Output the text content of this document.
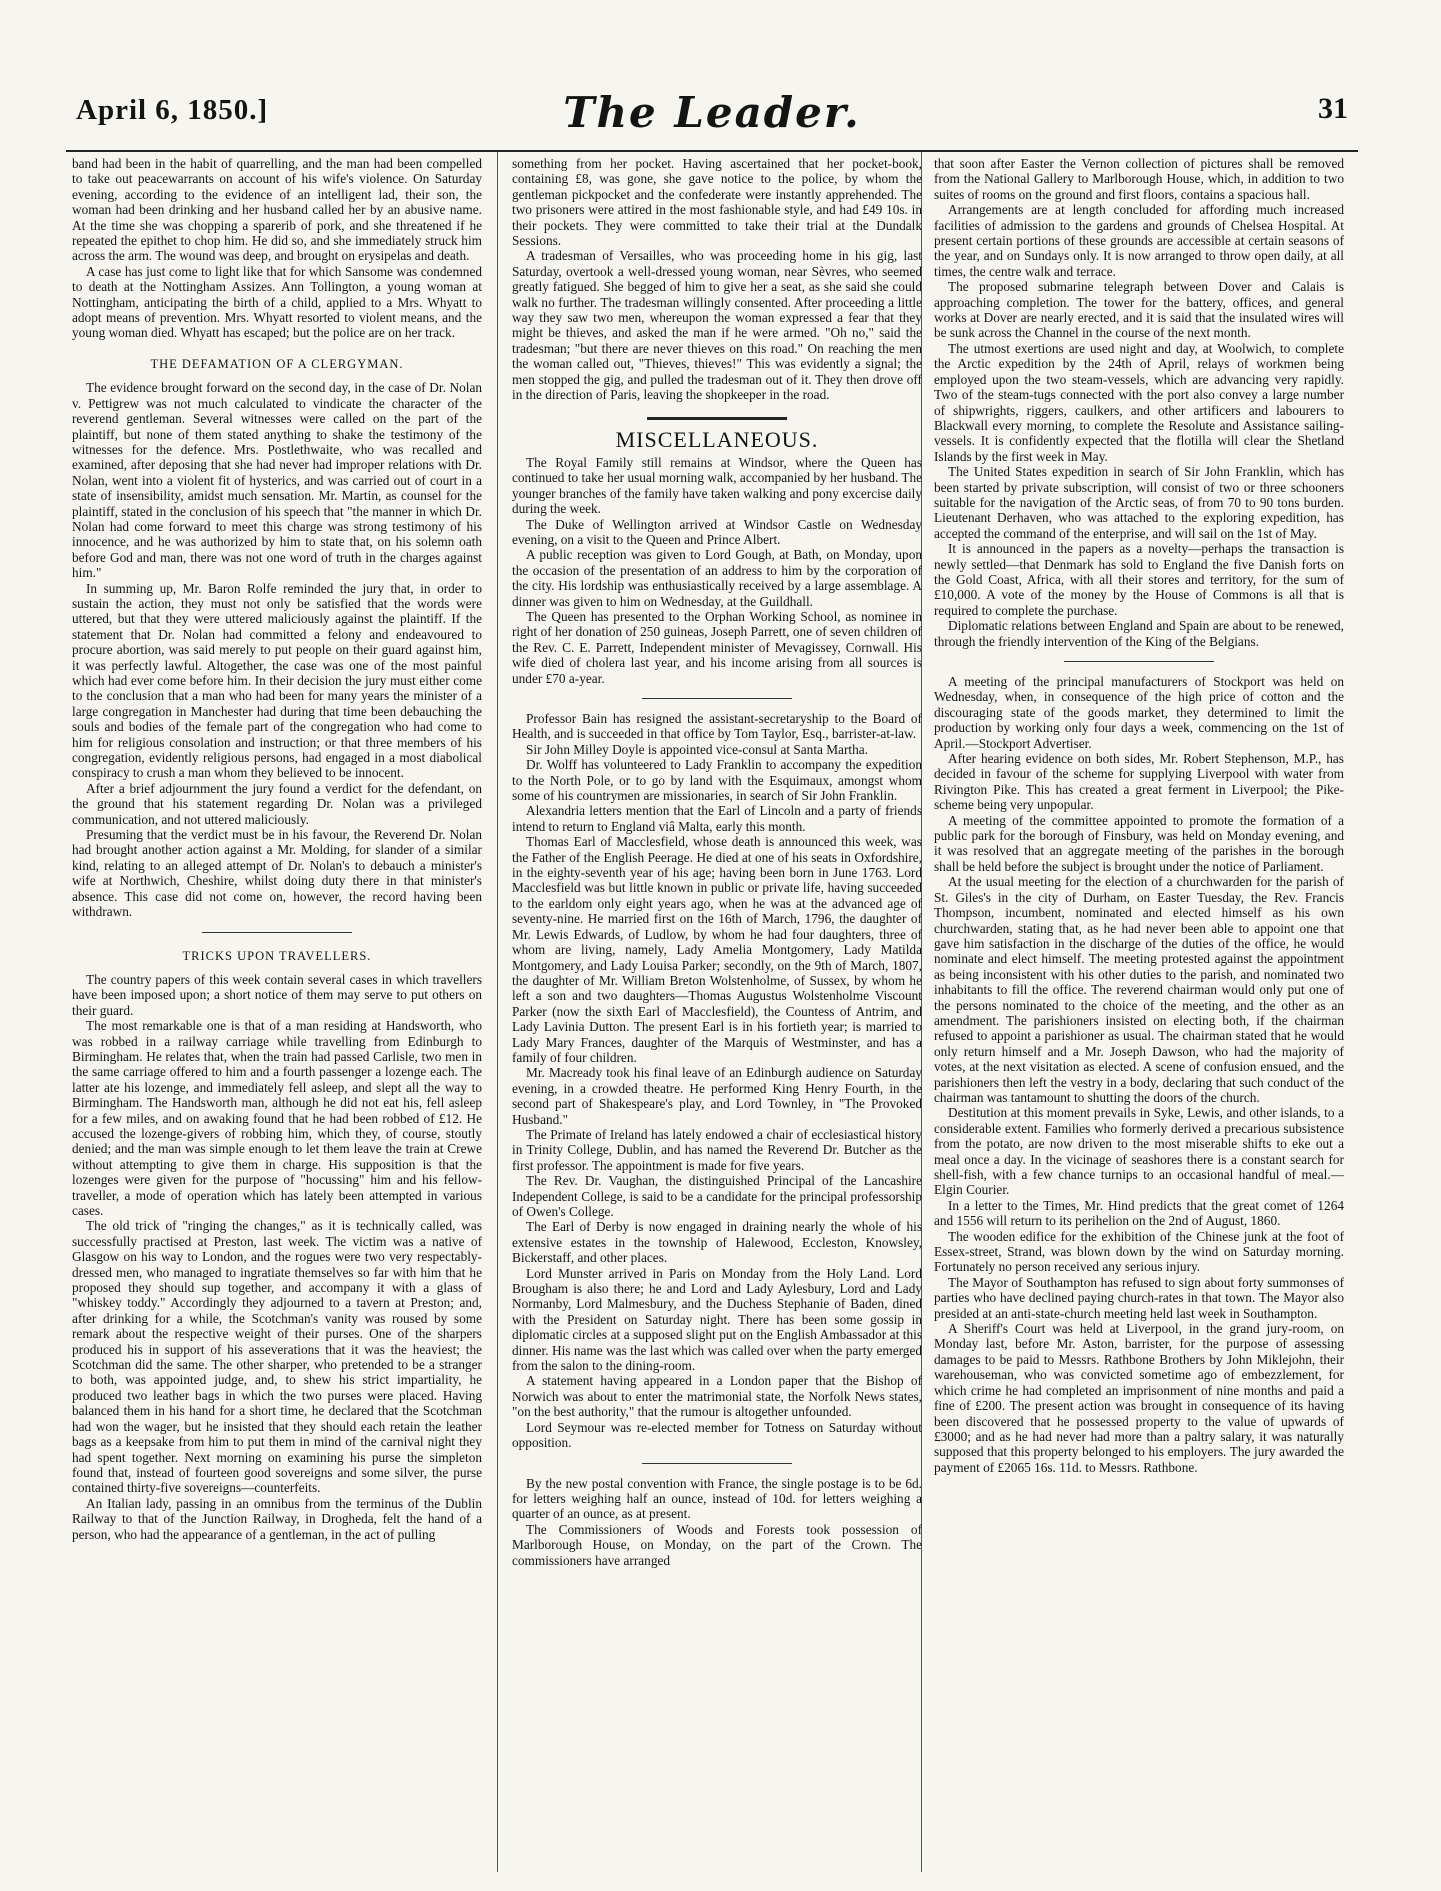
April 6, 1850.]	The Leader.	31

band had been in the habit of quarrelling, and the man had been compelled to take out peacewarrants on account of his wife's violence. On Saturday evening, according to the evidence of an intelligent lad, their son, the woman had been drinking and her husband called her by an abusive name. At the time she was chopping a sparerib of pork, and she threatened if he repeated the epithet to chop him. He did so, and she immediately struck him across the arm. The wound was deep, and brought on erysipelas and death.

A case has just come to light like that for which Sansome was condemned to death at the Nottingham Assizes. Ann Tollington, a young woman at Nottingham, anticipating the birth of a child, applied to a Mrs. Whyatt to adopt means of prevention. Mrs. Whyatt resorted to violent means, and the young woman died. Whyatt has escaped; but the police are on her track.

THE DEFAMATION OF A CLERGYMAN.

The evidence brought forward on the second day, in the case of Dr. Nolan v. Pettigrew was not much calculated to vindicate the character of the reverend gentleman. Several witnesses were called on the part of the plaintiff, but none of them stated anything to shake the testimony of the witnesses for the defence. Mrs. Postlethwaite, who was recalled and examined, after deposing that she had never had improper relations with Dr. Nolan, went into a violent fit of hysterics, and was carried out of court in a state of insensibility, amidst much sensation. Mr. Martin, as counsel for the plaintiff, stated in the conclusion of his speech that "the manner in which Dr. Nolan had come forward to meet this charge was strong testimony of his innocence, and he was authorized by him to state that, on his solemn oath before God and man, there was not one word of truth in the charges against him."

In summing up, Mr. Baron Rolfe reminded the jury that, in order to sustain the action, they must not only be satisfied that the words were uttered, but that they were uttered maliciously against the plaintiff. If the statement that Dr. Nolan had committed a felony and endeavoured to procure abortion, was said merely to put people on their guard against him, it was perfectly lawful. Altogether, the case was one of the most painful which had ever come before him. In their decision the jury must either come to the conclusion that a man who had been for many years the minister of a large congregation in Manchester had during that time been debauching the souls and bodies of the female part of the congregation who had come to him for religious consolation and instruction; or that three members of his congregation, evidently religious persons, had engaged in a most diabolical conspiracy to crush a man whom they believed to be innocent.

After a brief adjournment the jury found a verdict for the defendant, on the ground that his statement regarding Dr. Nolan was a privileged communication, and not uttered maliciously.

Presuming that the verdict must be in his favour, the Reverend Dr. Nolan had brought another action against a Mr. Molding, for slander of a similar kind, relating to an alleged attempt of Dr. Nolan's to debauch a minister's wife at Northwich, Cheshire, whilst doing duty there in that minister's absence. This case did not come on, however, the record having been withdrawn.

TRICKS UPON TRAVELLERS.

The country papers of this week contain several cases in which travellers have been imposed upon; a short notice of them may serve to put others on their guard.

The most remarkable one is that of a man residing at Handsworth, who was robbed in a railway carriage while travelling from Edinburgh to Birmingham. He relates that, when the train had passed Carlisle, two men in the same carriage offered to him and a fourth passenger a lozenge each. The latter ate his lozenge, and immediately fell asleep, and slept all the way to Birmingham. The Handsworth man, although he did not eat his, fell asleep for a few miles, and on awaking found that he had been robbed of £12. He accused the lozenge-givers of robbing him, which they, of course, stoutly denied; and the man was simple enough to let them leave the train at Crewe without attempting to give them in charge. His supposition is that the lozenges were given for the purpose of "hocussing" him and his fellow-traveller, a mode of operation which has lately been attempted in various cases.

The old trick of "ringing the changes," as it is technically called, was successfully practised at Preston, last week. The victim was a native of Glasgow on his way to London, and the rogues were two very respectably-dressed men, who managed to ingratiate themselves so far with him that he proposed they should sup together, and accompany it with a glass of "whiskey toddy." Accordingly they adjourned to a tavern at Preston; and, after drinking for a while, the Scotchman's vanity was roused by some remark about the respective weight of their purses. One of the sharpers produced his in support of his asseverations that it was the heaviest; the Scotchman did the same. The other sharper, who pretended to be a stranger to both, was appointed judge, and, to shew his strict impartiality, he produced two leather bags in which the two purses were placed. Having balanced them in his hand for a short time, he declared that the Scotchman had won the wager, but he insisted that they should each retain the leather bags as a keepsake from him to put them in mind of the carnival night they had spent together. Next morning on examining his purse the simpleton found that, instead of fourteen good sovereigns and some silver, the purse contained thirty-five sovereigns—counterfeits.

An Italian lady, passing in an omnibus from the terminus of the Dublin Railway to that of the Junction Railway, in Drogheda, felt the hand of a person, who had the appearance of a gentleman, in the act of pulling

something from her pocket. Having ascertained that her pocket-book, containing £8, was gone, she gave notice to the police, by whom the gentleman pickpocket and the confederate were instantly apprehended. The two prisoners were attired in the most fashionable style, and had £49 10s. in their pockets. They were committed to take their trial at the Dundalk Sessions.

A tradesman of Versailles, who was proceeding home in his gig, last Saturday, overtook a well-dressed young woman, near Sèvres, who seemed greatly fatigued. She begged of him to give her a seat, as she said she could walk no further. The tradesman willingly consented. After proceeding a little way they saw two men, whereupon the woman expressed a fear that they might be thieves, and asked the man if he were armed. "Oh no," said the tradesman; "but there are never thieves on this road." On reaching the men the woman called out, "Thieves, thieves!" This was evidently a signal; the men stopped the gig, and pulled the tradesman out of it. They then drove off in the direction of Paris, leaving the shopkeeper in the road.

MISCELLANEOUS.

The Royal Family still remains at Windsor, where the Queen has continued to take her usual morning walk, accompanied by her husband. The younger branches of the family have taken walking and pony excercise daily during the week.

The Duke of Wellington arrived at Windsor Castle on Wednesday evening, on a visit to the Queen and Prince Albert.

A public reception was given to Lord Gough, at Bath, on Monday, upon the occasion of the presentation of an address to him by the corporation of the city. His lordship was enthusiastically received by a large assemblage. A dinner was given to him on Wednesday, at the Guildhall.

The Queen has presented to the Orphan Working School, as nominee in right of her donation of 250 guineas, Joseph Parrett, one of seven children of the Rev. C. E. Parrett, Independent minister of Mevagissey, Cornwall. His wife died of cholera last year, and his income arising from all sources is under £70 a-year.

Professor Bain has resigned the assistant-secretaryship to the Board of Health, and is succeeded in that office by Tom Taylor, Esq., barrister-at-law.

Sir John Milley Doyle is appointed vice-consul at Santa Martha.

Dr. Wolff has volunteered to Lady Franklin to accompany the expedition to the North Pole, or to go by land with the Esquimaux, amongst whom some of his countrymen are missionaries, in search of Sir John Franklin.

Alexandria letters mention that the Earl of Lincoln and a party of friends intend to return to England viâ Malta, early this month.

Thomas Earl of Macclesfield, whose death is announced this week, was the Father of the English Peerage. He died at one of his seats in Oxfordshire, in the eighty-seventh year of his age; having been born in June 1763. Lord Macclesfield was but little known in public or private life, having succeeded to the earldom only eight years ago, when he was at the advanced age of seventy-nine. He married first on the 16th of March, 1796, the daughter of Mr. Lewis Edwards, of Ludlow, by whom he had four daughters, three of whom are living, namely, Lady Amelia Montgomery, Lady Matilda Montgomery, and Lady Louisa Parker; secondly, on the 9th of March, 1807, the daughter of Mr. William Breton Wolstenholme, of Sussex, by whom he left a son and two daughters—Thomas Augustus Wolstenholme Viscount Parker (now the sixth Earl of Macclesfield), the Countess of Antrim, and Lady Lavinia Dutton. The present Earl is in his fortieth year; is married to Lady Mary Frances, daughter of the Marquis of Westminster, and has a family of four children.

Mr. Macready took his final leave of an Edinburgh audience on Saturday evening, in a crowded theatre. He performed King Henry Fourth, in the second part of Shakespeare's play, and Lord Townley, in "The Provoked Husband."

The Primate of Ireland has lately endowed a chair of ecclesiastical history in Trinity College, Dublin, and has named the Reverend Dr. Butcher as the first professor. The appointment is made for five years.

The Rev. Dr. Vaughan, the distinguished Principal of the Lancashire Independent College, is said to be a candidate for the principal professorship of Owen's College.

The Earl of Derby is now engaged in draining nearly the whole of his extensive estates in the township of Halewood, Eccleston, Knowsley, Bickerstaff, and other places.

Lord Munster arrived in Paris on Monday from the Holy Land. Lord Brougham is also there; he and Lord and Lady Aylesbury, Lord and Lady Normanby, Lord Malmesbury, and the Duchess Stephanie of Baden, dined with the President on Saturday night. There has been some gossip in diplomatic circles at a supposed slight put on the English Ambassador at this dinner. His name was the last which was called over when the party emerged from the salon to the dining-room.

A statement having appeared in a London paper that the Bishop of Norwich was about to enter the matrimonial state, the Norfolk News states, "on the best authority," that the rumour is altogether unfounded.

Lord Seymour was re-elected member for Totness on Saturday without opposition.

By the new postal convention with France, the single postage is to be 6d. for letters weighing half an ounce, instead of 10d. for letters weighing a quarter of an ounce, as at present.

The Commissioners of Woods and Forests took possession of Marlborough House, on Monday, on the part of the Crown. The commissioners have arranged

that soon after Easter the Vernon collection of pictures shall be removed from the National Gallery to Marlborough House, which, in addition to two suites of rooms on the ground and first floors, contains a spacious hall.

Arrangements are at length concluded for affording much increased facilities of admission to the gardens and grounds of Chelsea Hospital. At present certain portions of these grounds are accessible at certain seasons of the year, and on Sundays only. It is now arranged to throw open daily, at all times, the centre walk and terrace.

The proposed submarine telegraph between Dover and Calais is approaching completion. The tower for the battery, offices, and general works at Dover are nearly erected, and it is said that the insulated wires will be sunk across the Channel in the course of the next month.

The utmost exertions are used night and day, at Woolwich, to complete the Arctic expedition by the 24th of April, relays of workmen being employed upon the two steam-vessels, which are advancing very rapidly. Two of the steam-tugs connected with the port also convey a large number of shipwrights, riggers, caulkers, and other artificers and labourers to Blackwall every morning, to complete the Resolute and Assistance sailing-vessels. It is confidently expected that the flotilla will clear the Shetland Islands by the first week in May.

The United States expedition in search of Sir John Franklin, which has been started by private subscription, will consist of two or three schooners suitable for the navigation of the Arctic seas, of from 70 to 90 tons burden. Lieutenant Derhaven, who was attached to the exploring expedition, has accepted the command of the enterprise, and will sail on the 1st of May.

It is announced in the papers as a novelty—perhaps the transaction is newly settled—that Denmark has sold to England the five Danish forts on the Gold Coast, Africa, with all their stores and territory, for the sum of £10,000. A vote of the money by the House of Commons is all that is required to complete the purchase.

Diplomatic relations between England and Spain are about to be renewed, through the friendly intervention of the King of the Belgians.

A meeting of the principal manufacturers of Stockport was held on Wednesday, when, in consequence of the high price of cotton and the discouraging state of the goods market, they determined to limit the production by working only four days a week, commencing on the 1st of April.—Stockport Advertiser.

After hearing evidence on both sides, Mr. Robert Stephenson, M.P., has decided in favour of the scheme for supplying Liverpool with water from Rivington Pike. This has created a great ferment in Liverpool; the Pike-scheme being very unpopular.

A meeting of the committee appointed to promote the formation of a public park for the borough of Finsbury, was held on Monday evening, and it was resolved that an aggregate meeting of the parishes in the borough shall be held before the subject is brought under the notice of Parliament.

At the usual meeting for the election of a churchwarden for the parish of St. Giles's in the city of Durham, on Easter Tuesday, the Rev. Francis Thompson, incumbent, nominated and elected himself as his own churchwarden, stating that, as he had never been able to appoint one that gave him satisfaction in the discharge of the duties of the office, he would nominate and elect himself. The meeting protested against the appointment as being inconsistent with his other duties to the parish, and nominated two inhabitants to fill the office. The reverend chairman would only put one of the persons nominated to the choice of the meeting, and the other as an amendment. The parishioners insisted on electing both, if the chairman refused to appoint a parishioner as usual. The chairman stated that he would only return himself and a Mr. Joseph Dawson, who had the majority of votes, at the next visitation as elected. A scene of confusion ensued, and the parishioners then left the vestry in a body, declaring that such conduct of the chairman was tantamount to shutting the doors of the church.

Destitution at this moment prevails in Syke, Lewis, and other islands, to a considerable extent. Families who formerly derived a precarious subsistence from the potato, are now driven to the most miserable shifts to eke out a meal once a day. In the vicinage of seashores there is a constant search for shell-fish, with a few chance turnips to an occasional handful of meal.—Elgin Courier.

In a letter to the Times, Mr. Hind predicts that the great comet of 1264 and 1556 will return to its perihelion on the 2nd of August, 1860.

The wooden edifice for the exhibition of the Chinese junk at the foot of Essex-street, Strand, was blown down by the wind on Saturday morning. Fortunately no person received any serious injury.

The Mayor of Southampton has refused to sign about forty summonses of parties who have declined paying church-rates in that town. The Mayor also presided at an anti-state-church meeting held last week in Southampton.

A Sheriff's Court was held at Liverpool, in the grand jury-room, on Monday last, before Mr. Aston, barrister, for the purpose of assessing damages to be paid to Messrs. Rathbone Brothers by John Miklejohn, their warehouseman, who was convicted sometime ago of embezzlement, for which crime he had completed an imprisonment of nine months and paid a fine of £200. The present action was brought in consequence of its having been discovered that he possessed property to the value of upwards of £3000; and as he had never had more than a paltry salary, it was naturally supposed that this property belonged to his employers. The jury awarded the payment of £2065 16s. 11d. to Messrs. Rathbone.
